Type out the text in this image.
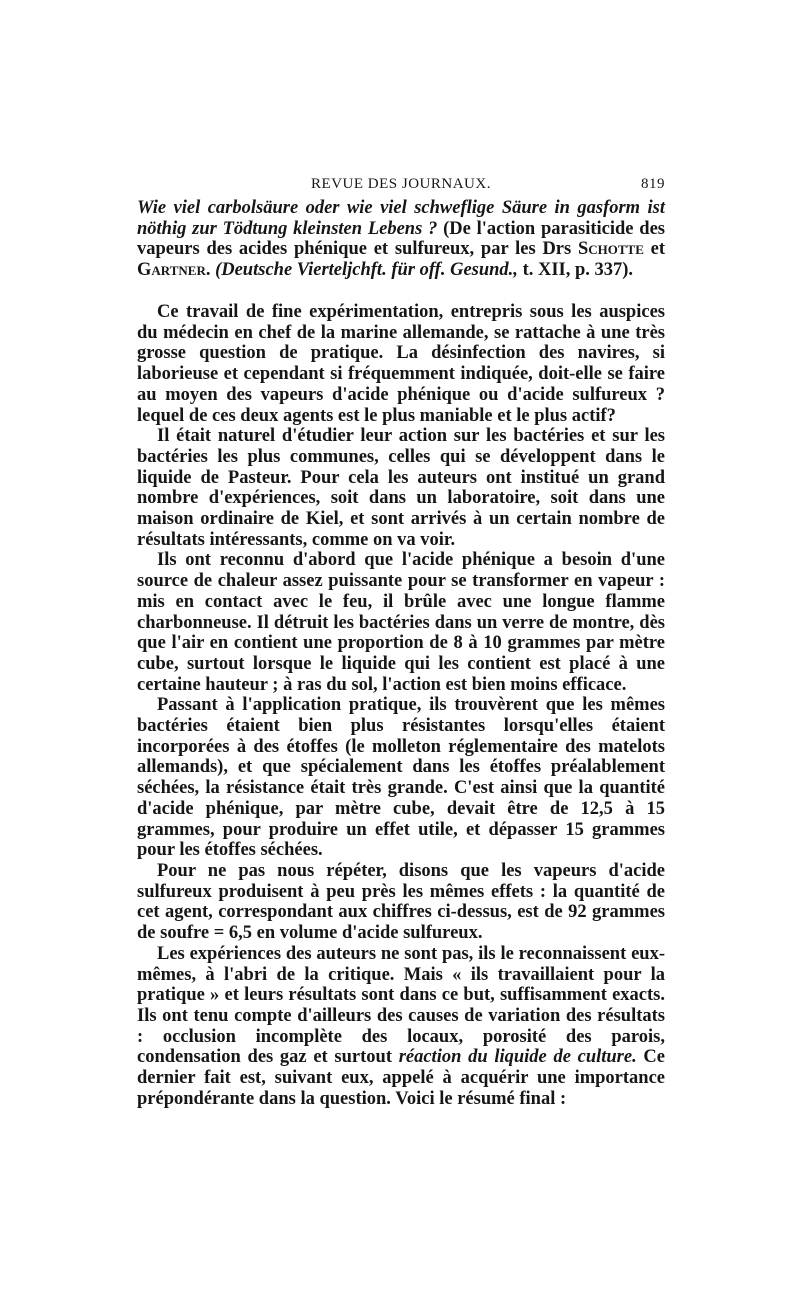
REVUE DES JOURNAUX.	819

Wie viel carbolsäure oder wie viel schweflige Säure in gasform ist nöthig zur Tödtung kleinsten Lebens ? (De l'action parasiticide des vapeurs des acides phénique et sulfureux, par les Drs Schotte et Gartner. (Deutsche Vierteljchft. für off. Gesund., t. XII, p. 337).

Ce travail de fine expérimentation, entrepris sous les auspices du médecin en chef de la marine allemande, se rattache à une très grosse question de pratique. La désinfection des navires, si laborieuse et cependant si fréquemment indiquée, doit-elle se faire au moyen des vapeurs d'acide phénique ou d'acide sulfureux ? lequel de ces deux agents est le plus maniable et le plus actif?

Il était naturel d'étudier leur action sur les bactéries et sur les bactéries les plus communes, celles qui se développent dans le liquide de Pasteur. Pour cela les auteurs ont institué un grand nombre d'expériences, soit dans un laboratoire, soit dans une maison ordinaire de Kiel, et sont arrivés à un certain nombre de résultats intéressants, comme on va voir.

Ils ont reconnu d'abord que l'acide phénique a besoin d'une source de chaleur assez puissante pour se transformer en vapeur : mis en contact avec le feu, il brûle avec une longue flamme charbonneuse. Il détruit les bactéries dans un verre de montre, dès que l'air en contient une proportion de 8 à 10 grammes par mètre cube, surtout lorsque le liquide qui les contient est placé à une certaine hauteur ; à ras du sol, l'action est bien moins efficace.

Passant à l'application pratique, ils trouvèrent que les mêmes bactéries étaient bien plus résistantes lorsqu'elles étaient incorporées à des étoffes (le molleton réglementaire des matelots allemands), et que spécialement dans les étoffes préalablement séchées, la résistance était très grande. C'est ainsi que la quantité d'acide phénique, par mètre cube, devait être de 12,5 à 15 grammes, pour produire un effet utile, et dépasser 15 grammes pour les étoffes séchées.

Pour ne pas nous répéter, disons que les vapeurs d'acide sulfureux produisent à peu près les mêmes effets : la quantité de cet agent, correspondant aux chiffres ci-dessus, est de 92 grammes de soufre = 6,5 en volume d'acide sulfureux.

Les expériences des auteurs ne sont pas, ils le reconnaissent eux-mêmes, à l'abri de la critique. Mais « ils travaillaient pour la pratique » et leurs résultats sont dans ce but, suffisamment exacts. Ils ont tenu compte d'ailleurs des causes de variation des résultats : occlusion incomplète des locaux, porosité des parois, condensation des gaz et surtout réaction du liquide de culture. Ce dernier fait est, suivant eux, appelé à acquérir une importance prépondérante dans la question. Voici le résumé final :
